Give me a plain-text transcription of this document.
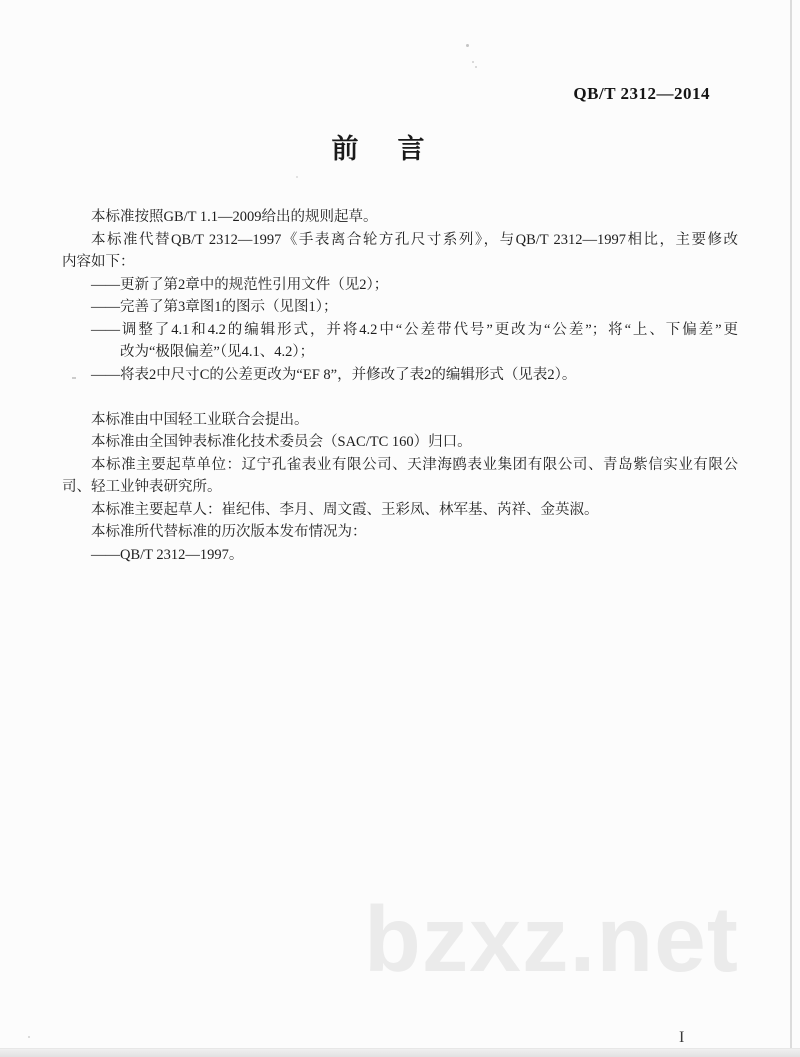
QB/T 2312—2014
前　言
本标准按照GB/T 1.1—2009给出的规则起草。
本标准代替QB/T 2312—1997《手表离合轮方孔尺寸系列》，与QB/T 2312—1997相比，主要修改
内容如下：
——更新了第2章中的规范性引用文件（见2）；
——完善了第3章图1的图示（见图1）；
——调整了4.1和4.2的编辑形式，并将4.2中“公差带代号”更改为“公差”；将“上、下偏差”更
改为“极限偏差”（见4.1、4.2）；
——将表2中尺寸C的公差更改为“EF 8”，并修改了表2的编辑形式（见表2）。
本标准由中国轻工业联合会提出。
本标准由全国钟表标准化技术委员会（SAC/TC 160）归口。
本标准主要起草单位：辽宁孔雀表业有限公司、天津海鸥表业集团有限公司、青岛紫信实业有限公
司、轻工业钟表研究所。
本标准主要起草人：崔纪伟、李月、周文霞、王彩凤、林军基、芮祥、金英淑。
本标准所代替标准的历次版本发布情况为：
——QB/T 2312—1997。
bzxz.net
I
